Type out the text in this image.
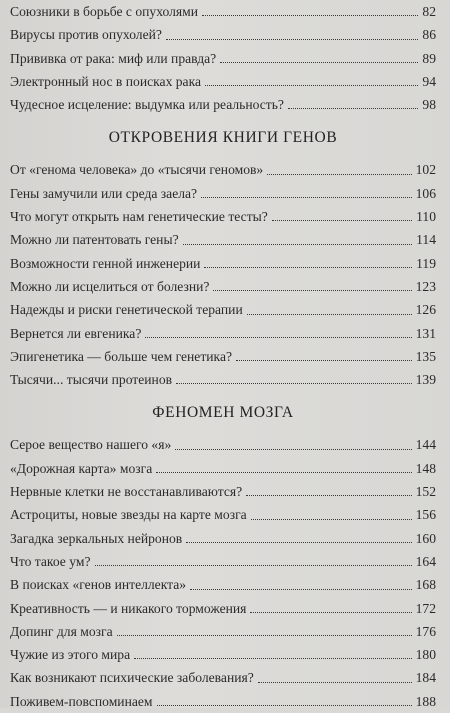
Союзники в борьбе с опухолями	82
Вирусы против опухолей?	86
Прививка от рака: миф или правда?	89
Электронный нос в поисках рака	94
Чудесное исцеление: выдумка или реальность?	98
ОТКРОВЕНИЯ КНИГИ ГЕНОВ
От «генома человека» до «тысячи геномов»	102
Гены замучили или среда заела?	106
Что могут открыть нам генетические тесты?	110
Можно ли патентовать гены?	114
Возможности генной инженерии	119
Можно ли исцелиться от болезни?	123
Надежды и риски генетической терапии	126
Вернется ли евгеника?	131
Эпигенетика — больше чем генетика?	135
Тысячи... тысячи протеинов	139
ФЕНОМЕН МОЗГА
Серое вещество нашего «я»	144
«Дорожная карта» мозга	148
Нервные клетки не восстанавливаются?	152
Астроциты, новые звезды на карте мозга	156
Загадка зеркальных нейронов	160
Что такое ум?	164
В поисках «генов интеллекта»	168
Креативность — и никакого торможения	172
Допинг для мозга	176
Чужие из этого мира	180
Как возникают психические заболевания?	184
Поживем-повспоминаем	188
